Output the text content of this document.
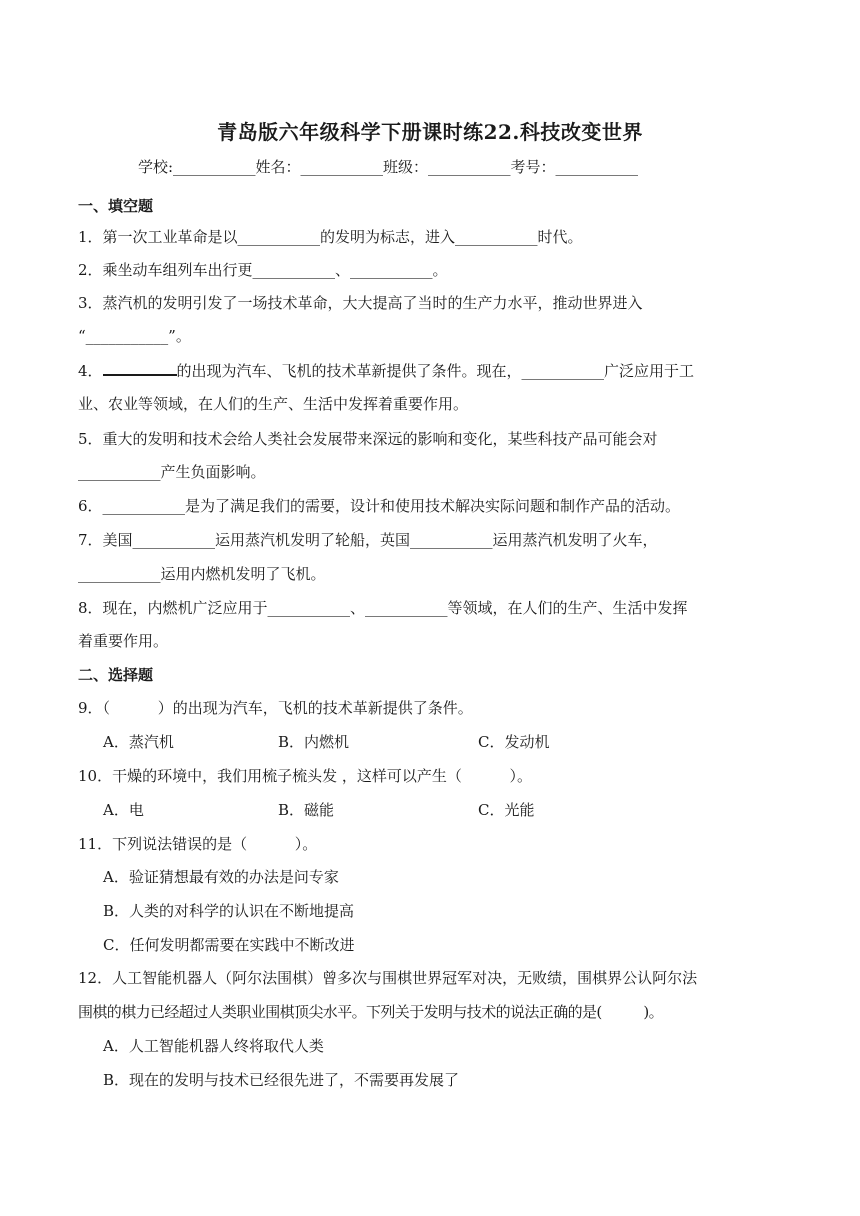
青岛版六年级科学下册课时练22.科技改变世界
学校:___________姓名：___________班级：___________考号：___________
一、填空题
1．第一次工业革命是以___________的发明为标志，进入___________时代。
2．乘坐动车组列车出行更___________、___________。
3．蒸汽机的发明引发了一场技术革命，大大提高了当时的生产力水平，推动世界进入
“___________”。
4．	的出现为汽车、飞机的技术革新提供了条件。现在，___________广泛应用于工
业、农业等领域，在人们的生产、生活中发挥着重要作用。
5．重大的发明和技术会给人类社会发展带来深远的影响和变化，某些科技产品可能会对
___________产生负面影响。
6．___________是为了满足我们的需要，设计和使用技术解决实际问题和制作产品的活动。
7．美国___________运用蒸汽机发明了轮船，英国___________运用蒸汽机发明了火车，
___________运用内燃机发明了飞机。
8．现在，内燃机广泛应用于___________、___________等领域，在人们的生产、生活中发挥
着重要作用。
二、选择题
9．（          ）的出现为汽车，飞机的技术革新提供了条件。
A．蒸汽机	B．内燃机	C．发动机
10．干燥的环境中，我们用梳子梳头发 ，这样可以产生（          ）。
A．电	B．磁能	C．光能
11．下列说法错误的是（          ）。
A．验证猜想最有效的办法是问专家
B．人类的对科学的认识在不断地提高
C．任何发明都需要在实践中不断改进
12．人工智能机器人（阿尔法围棋）曾多次与围棋世界冠军对决，无败绩，围棋界公认阿尔法
围棋的棋力已经超过人类职业围棋顶尖水平。下列关于发明与技术的说法正确的是(          )。
A．人工智能机器人终将取代人类
B．现在的发明与技术已经很先进了，不需要再发展了
